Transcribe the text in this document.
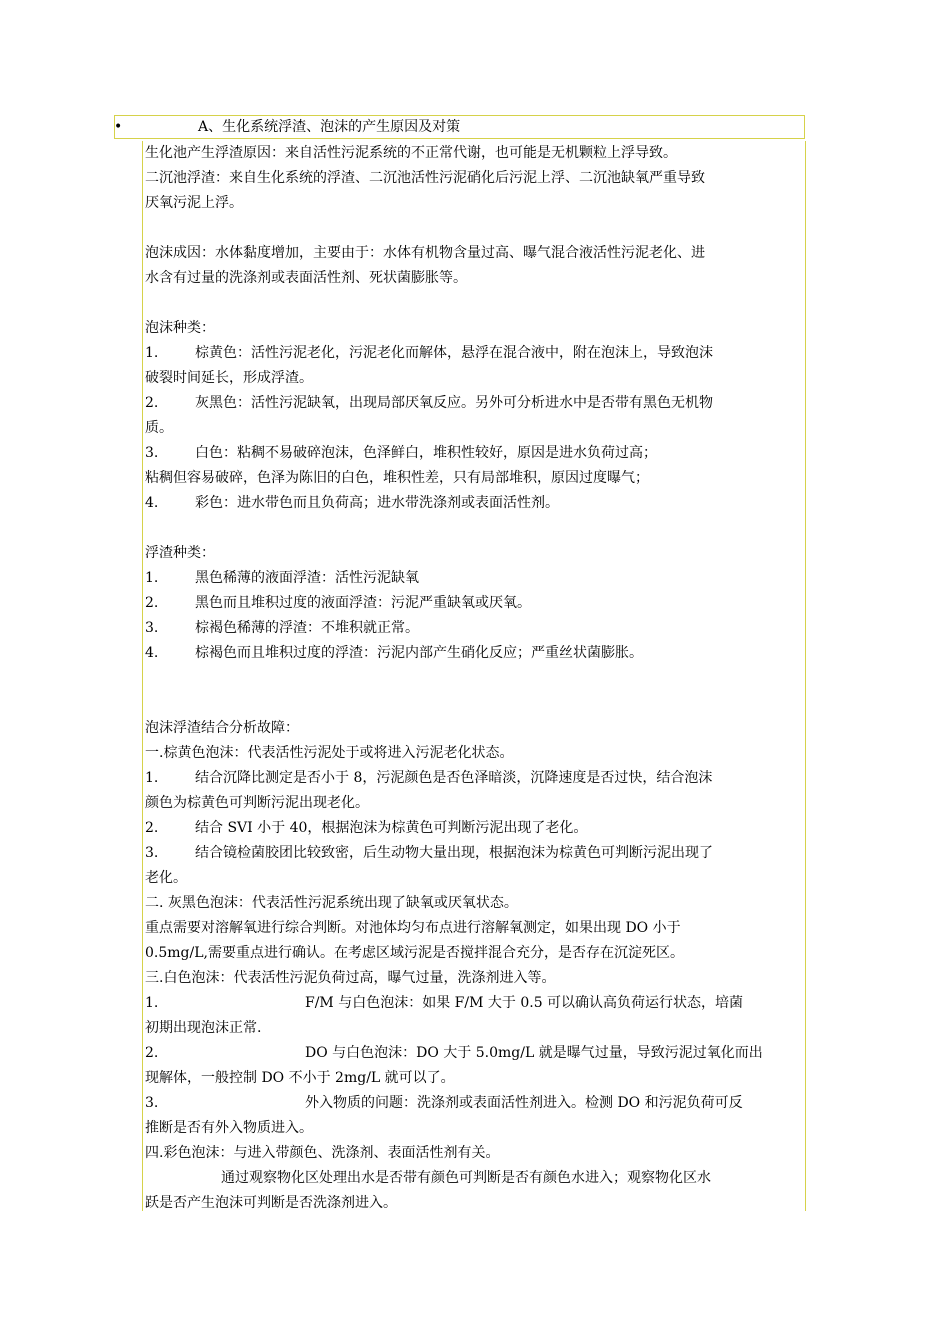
•	A、生化系统浮渣、泡沫的产生原因及对策
生化池产生浮渣原因：来自活性污泥系统的不正常代谢，也可能是无机颗粒上浮导致。
二沉池浮渣：来自生化系统的浮渣、二沉池活性污泥硝化后污泥上浮、二沉池缺氧严重导致
厌氧污泥上浮。
泡沫成因：水体黏度增加，主要由于：水体有机物含量过高、曝气混合液活性污泥老化、进
水含有过量的洗涤剂或表面活性剂、死状菌膨胀等。
泡沫种类：
1.	棕黄色：活性污泥老化，污泥老化而解体，悬浮在混合液中，附在泡沫上，导致泡沫
破裂时间延长，形成浮渣。
2.	灰黑色：活性污泥缺氧，出现局部厌氧反应。另外可分析进水中是否带有黑色无机物
质。
3.	白色：粘稠不易破碎泡沫，色泽鲜白，堆积性较好，原因是进水负荷过高；
粘稠但容易破碎，色泽为陈旧的白色，堆积性差，只有局部堆积，原因过度曝气；
4.	彩色：进水带色而且负荷高；进水带洗涤剂或表面活性剂。
浮渣种类：
1.	黑色稀薄的液面浮渣：活性污泥缺氧
2.	黑色而且堆积过度的液面浮渣：污泥严重缺氧或厌氧。
3.	棕褐色稀薄的浮渣：不堆积就正常。
4.	棕褐色而且堆积过度的浮渣：污泥内部产生硝化反应；严重丝状菌膨胀。
泡沫浮渣结合分析故障：
一.棕黄色泡沫：代表活性污泥处于或将进入污泥老化状态。
1.	结合沉降比测定是否小于 8，污泥颜色是否色泽暗淡，沉降速度是否过快，结合泡沫
颜色为棕黄色可判断污泥出现老化。
2.	结合 SVI 小于 40，根据泡沫为棕黄色可判断污泥出现了老化。
3.	结合镜检菌胶团比较致密，后生动物大量出现，根据泡沫为棕黄色可判断污泥出现了
老化。
二. 灰黑色泡沫：代表活性污泥系统出现了缺氧或厌氧状态。
重点需要对溶解氧进行综合判断。对池体均匀布点进行溶解氧测定，如果出现 DO 小于
0.5mg/L,需要重点进行确认。在考虑区域污泥是否搅拌混合充分，是否存在沉淀死区。
三.白色泡沫：代表活性污泥负荷过高，曝气过量，洗涤剂进入等。
1.	F/M 与白色泡沫：如果 F/M 大于 0.5 可以确认高负荷运行状态，培菌
初期出现泡沫正常.
2.	DO 与白色泡沫：DO 大于 5.0mg/L 就是曝气过量，导致污泥过氧化而出
现解体，一般控制 DO 不小于 2mg/L 就可以了。
3.	外入物质的问题：洗涤剂或表面活性剂进入。检测 DO 和污泥负荷可反
推断是否有外入物质进入。
四.彩色泡沫：与进入带颜色、洗涤剂、表面活性剂有关。
通过观察物化区处理出水是否带有颜色可判断是否有颜色水进入；观察物化区水
跃是否产生泡沫可判断是否洗涤剂进入。
